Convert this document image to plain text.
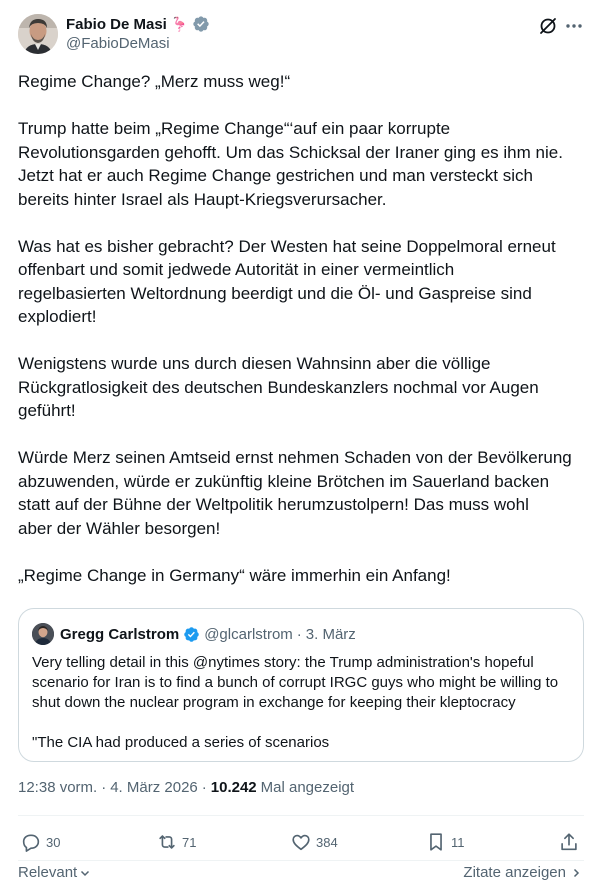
Fabio De Masi 🦩
@FabioDeMasi

Regime Change? „Merz muss weg!“

Trump hatte beim „Regime Change“‘auf ein paar korrupte
Revolutionsgarden gehofft. Um das Schicksal der Iraner ging es ihm nie.
Jetzt hat er auch Regime Change gestrichen und man versteckt sich
bereits hinter Israel als Haupt-Kriegsverursacher.

Was hat es bisher gebracht? Der Westen hat seine Doppelmoral erneut
offenbart und somit jedwede Autorität in einer vermeintlich
regelbasierten Weltordnung beerdigt und die Öl- und Gaspreise sind
explodiert!

Wenigstens wurde uns durch diesen Wahnsinn aber die völlige
Rückgratlosigkeit des deutschen Bundeskanzlers nochmal vor Augen
geführt!

Würde Merz seinen Amtseid ernst nehmen Schaden von der Bevölkerung
abzuwenden, würde er zukünftig kleine Brötchen im Sauerland backen
statt auf der Bühne der Weltpolitik herumzustolpern! Das muss wohl
aber der Wähler besorgen!

„Regime Change in Germany“ wäre immerhin ein Anfang!

Gregg Carlstrom @glcarlstrom · 3. März

Very telling detail in this @nytimes story: the Trump administration's hopeful
scenario for Iran is to find a bunch of corrupt IRGC guys who might be willing to
shut down the nuclear program in exchange for keeping their kleptocracy

"The CIA had produced a series of scenarios

12:38 vorm. · 4. März 2026 · 10.242 Mal angezeigt
30	71	384	11
Relevant	Zitate anzeigen
